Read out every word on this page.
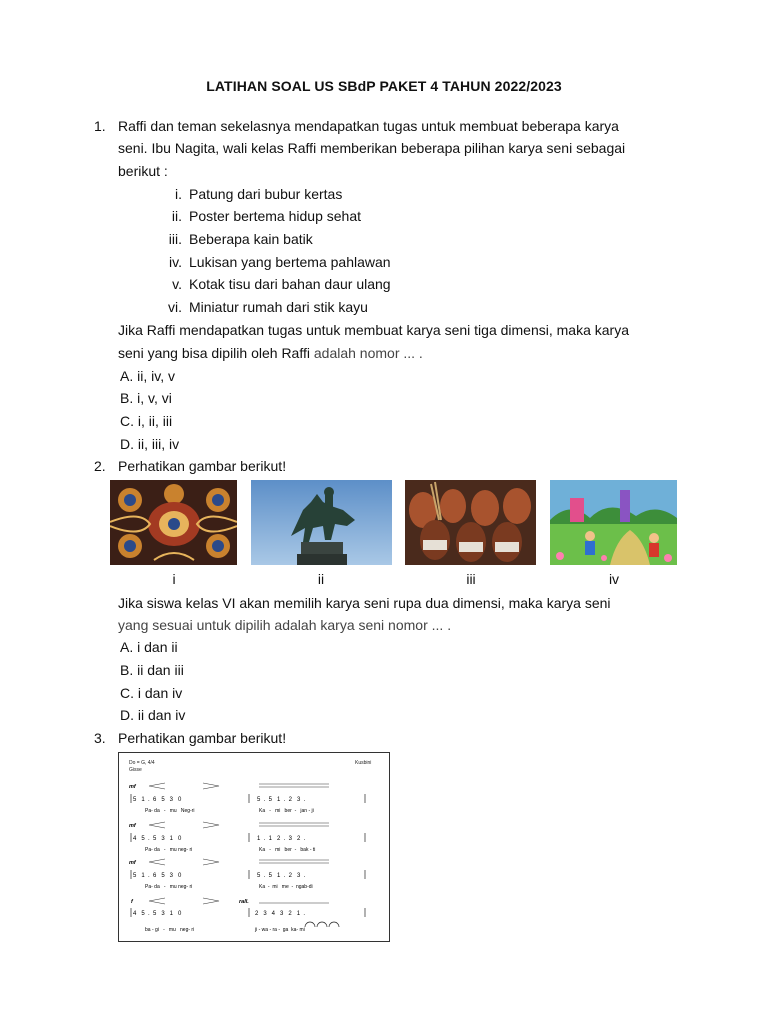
LATIHAN SOAL US SBdP PAKET 4 TAHUN 2022/2023
1. Raffi dan teman sekelasnya mendapatkan tugas untuk membuat beberapa karya
seni. Ibu Nagita, wali kelas Raffi memberikan beberapa pilihan karya seni sebagai
berikut :
i. Patung dari bubur kertas
ii. Poster bertema hidup sehat
iii. Beberapa kain batik
iv. Lukisan yang bertema pahlawan
v. Kotak tisu dari bahan daur ulang
vi. Miniatur rumah dari stik kayu
Jika Raffi mendapatkan tugas untuk membuat karya seni tiga dimensi, maka karya
seni yang bisa dipilih oleh Raffi adalah nomor ... .
A. ii, iv, v
B. i, v, vi
C. i, ii, iii
D. ii, iii, iv
2. Perhatikan gambar berikut!
i	ii	iii	iv
Jika siswa kelas VI akan memilih karya seni rupa dua dimensi, maka karya seni
yang sesuai untuk dipilih adalah karya seni nomor ... .
A. i dan ii
B. ii dan iii
C. i dan iv
D. ii dan iv
3. Perhatikan gambar berikut!
Do = G, 4/4
Gisse
Kusbini
mf
5   1  .  6   5   3   0	5  .  5   1  .  2   3  .
Pa- da   -   mu   Neg-ri	Ka   -   mi   ber  -   jan - ji
mf
4   5  .  5   3   1   0	1  .  1   2  .  3   2  .
Pa- da   -   mu neg- ri	Ka   -   mi   ber  -   bak - ti
mf
5   1  .  6   5   3   0	5  .  5   1  .  2   3  .
Pa- da   -   mu neg- ri	Ka  -  mi   me  -  ngab-di
f	rall.
4   5  .  5   3   1   0	2   3   4   3   2   1  .
ba - gi   -   mu   neg- ri	ji - wa - ra -  ga  ka- mi
